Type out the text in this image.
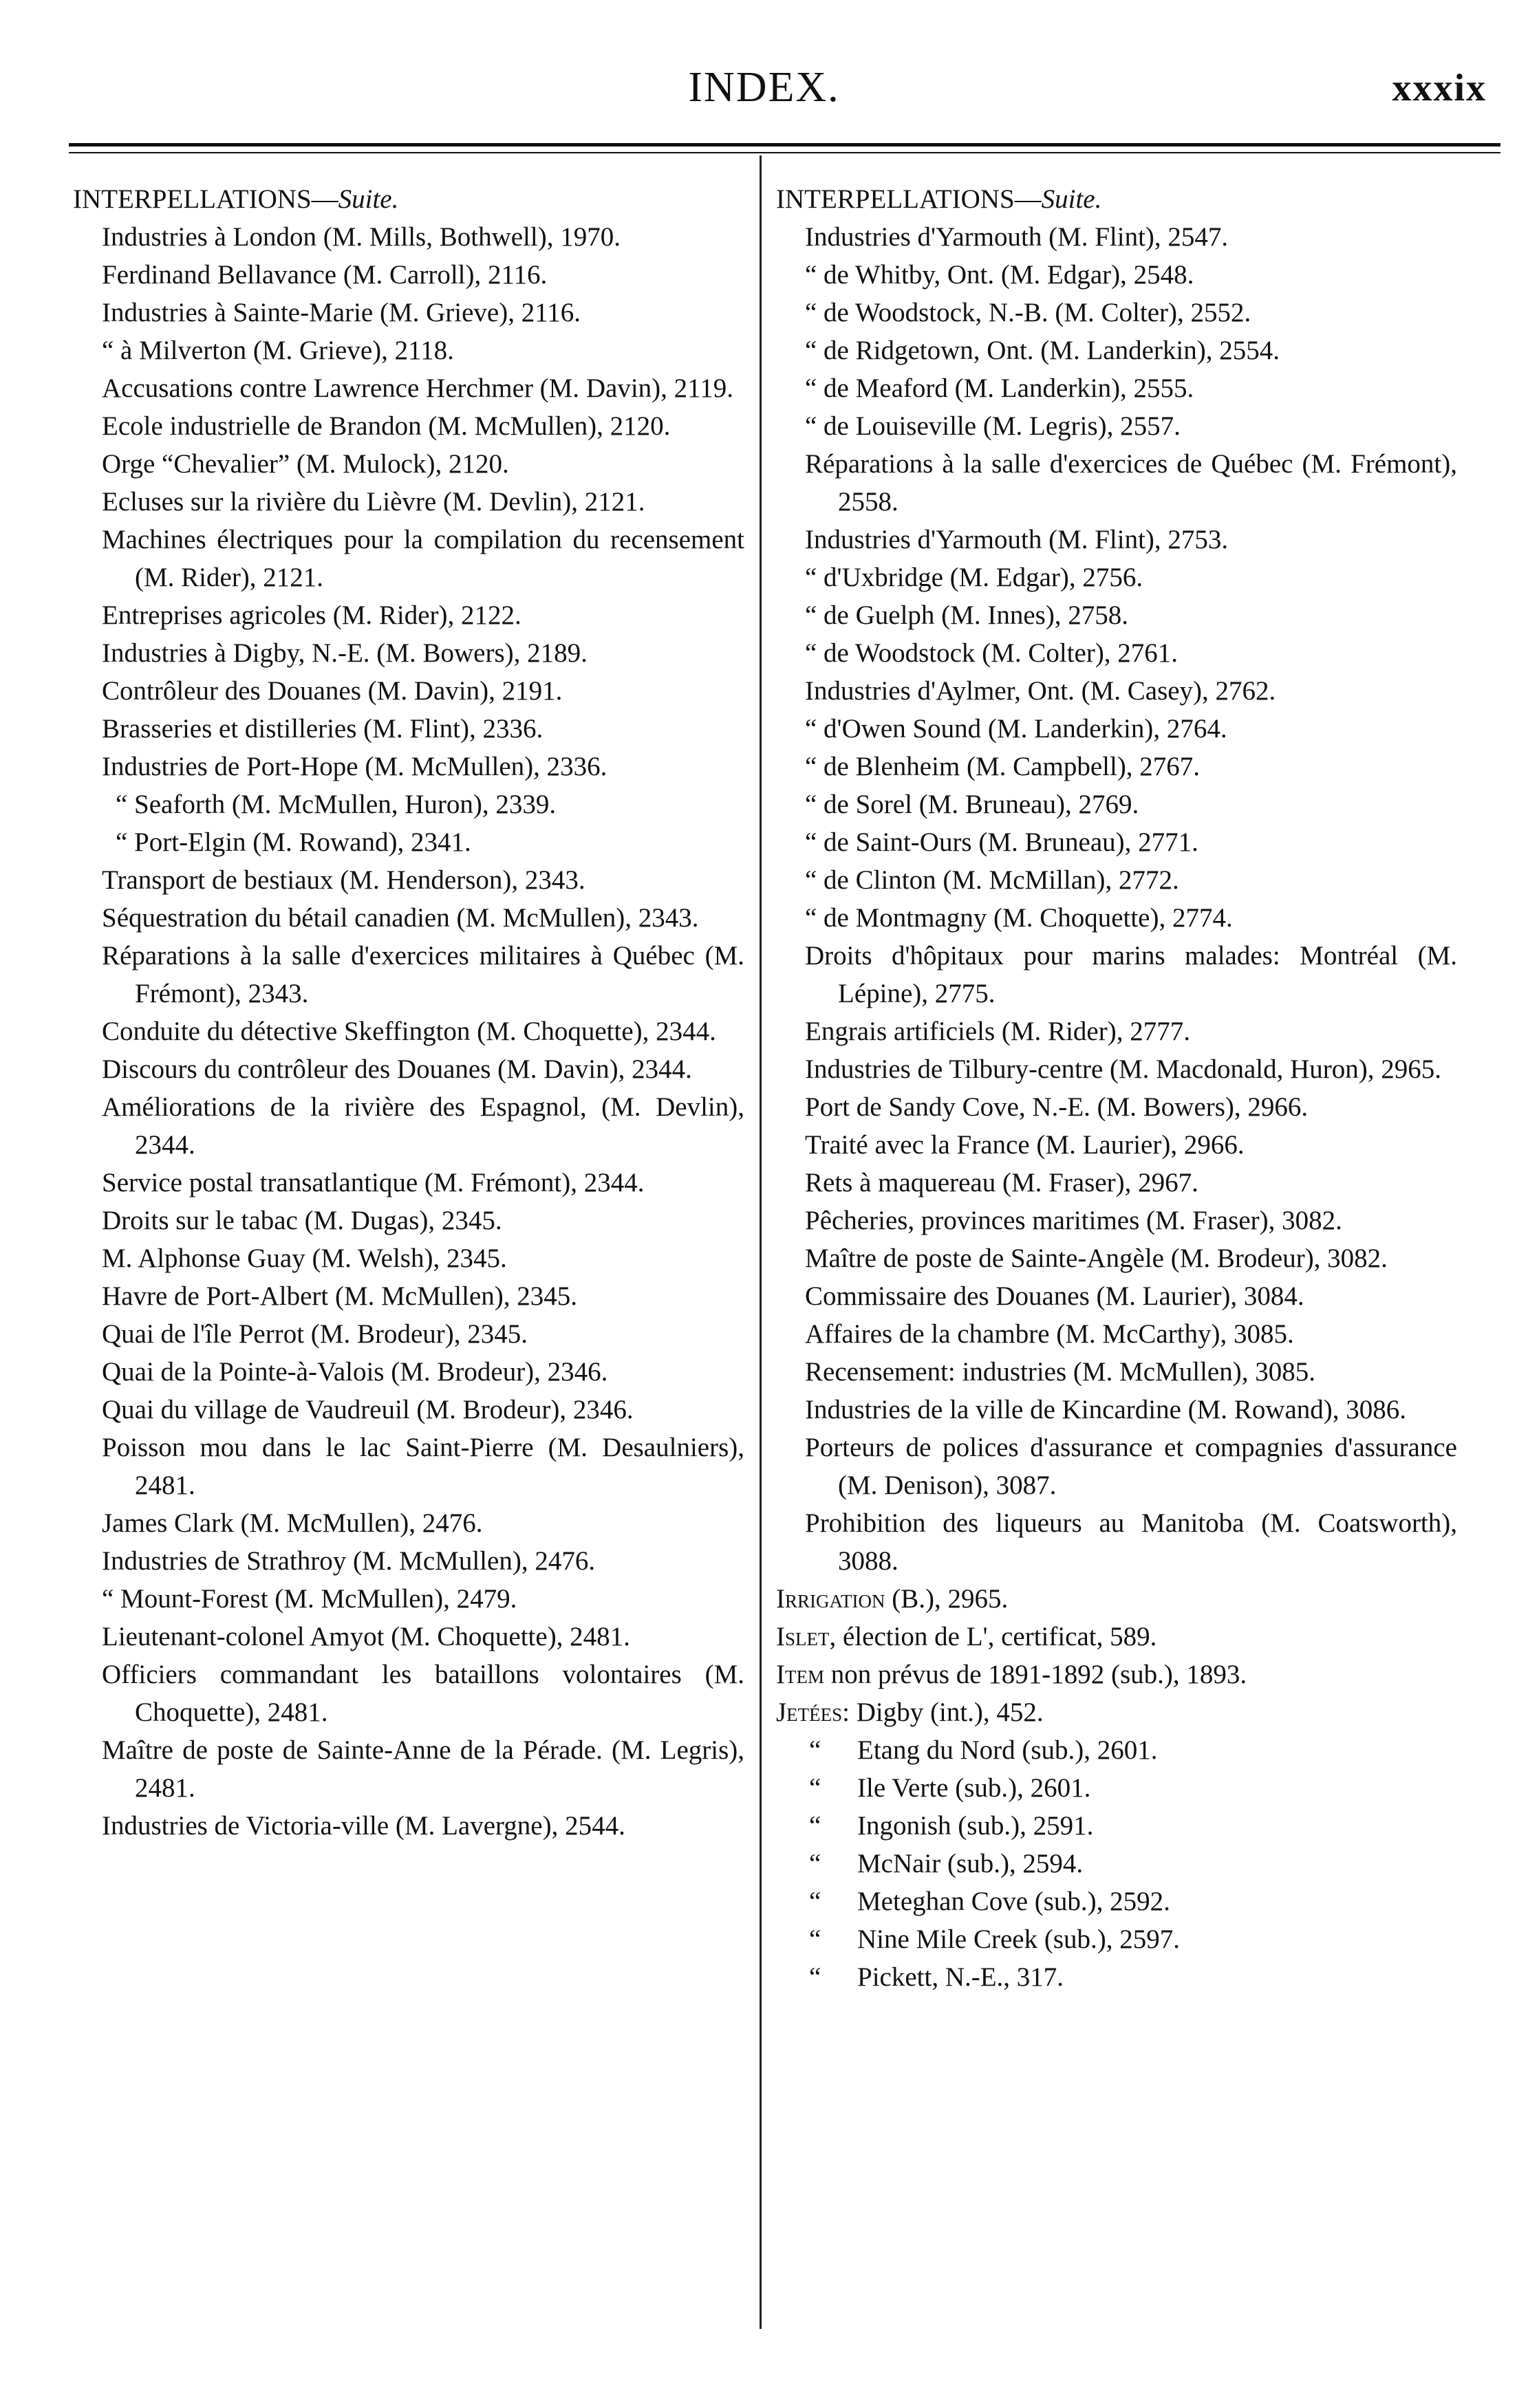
INDEX.	xxxix
INTERPELLATIONS—Suite.
Industries à London (M. Mills, Bothwell), 1970.
Ferdinand Bellavance (M. Carroll), 2116.
Industries à Sainte-Marie (M. Grieve), 2116.
“ à Milverton (M. Grieve), 2118.
Accusations contre Lawrence Herchmer (M. Davin), 2119.
Ecole industrielle de Brandon (M. McMullen), 2120.
Orge “Chevalier” (M. Mulock), 2120.
Ecluses sur la rivière du Lièvre (M. Devlin), 2121.
Machines électriques pour la compilation du recensement (M. Rider), 2121.
Entreprises agricoles (M. Rider), 2122.
Industries à Digby, N.-E. (M. Bowers), 2189.
Contrôleur des Douanes (M. Davin), 2191.
Brasseries et distilleries (M. Flint), 2336.
Industries de Port-Hope (M. McMullen), 2336.
“ Seaforth (M. McMullen, Huron), 2339.
“ Port-Elgin (M. Rowand), 2341.
Transport de bestiaux (M. Henderson), 2343.
Séquestration du bétail canadien (M. McMullen), 2343.
Réparations à la salle d'exercices militaires à Québec (M. Frémont), 2343.
Conduite du détective Skeffington (M. Choquette), 2344.
Discours du contrôleur des Douanes (M. Davin), 2344.
Améliorations de la rivière des Espagnol, (M. Devlin), 2344.
Service postal transatlantique (M. Frémont), 2344.
Droits sur le tabac (M. Dugas), 2345.
M. Alphonse Guay (M. Welsh), 2345.
Havre de Port-Albert (M. McMullen), 2345.
Quai de l'île Perrot (M. Brodeur), 2345.
Quai de la Pointe-à-Valois (M. Brodeur), 2346.
Quai du village de Vaudreuil (M. Brodeur), 2346.
Poisson mou dans le lac Saint-Pierre (M. Desaulniers), 2481.
James Clark (M. McMullen), 2476.
Industries de Strathroy (M. McMullen), 2476.
“ Mount-Forest (M. McMullen), 2479.
Lieutenant-colonel Amyot (M. Choquette), 2481.
Officiers commandant les bataillons volontaires (M. Choquette), 2481.
Maître de poste de Sainte-Anne de la Pérade. (M. Legris), 2481.
Industries de Victoria-ville (M. Lavergne), 2544.
INTERPELLATIONS—Suite.
Industries d'Yarmouth (M. Flint), 2547.
“ de Whitby, Ont. (M. Edgar), 2548.
“ de Woodstock, N.-B. (M. Colter), 2552.
“ de Ridgetown, Ont. (M. Landerkin), 2554.
“ de Meaford (M. Landerkin), 2555.
“ de Louiseville (M. Legris), 2557.
Réparations à la salle d'exercices de Québec (M. Frémont), 2558.
Industries d'Yarmouth (M. Flint), 2753.
“ d'Uxbridge (M. Edgar), 2756.
“ de Guelph (M. Innes), 2758.
“ de Woodstock (M. Colter), 2761.
Industries d'Aylmer, Ont. (M. Casey), 2762.
“ d'Owen Sound (M. Landerkin), 2764.
“ de Blenheim (M. Campbell), 2767.
“ de Sorel (M. Bruneau), 2769.
“ de Saint-Ours (M. Bruneau), 2771.
“ de Clinton (M. McMillan), 2772.
“ de Montmagny (M. Choquette), 2774.
Droits d'hôpitaux pour marins malades: Montréal (M. Lépine), 2775.
Engrais artificiels (M. Rider), 2777.
Industries de Tilbury-centre (M. Macdonald, Huron), 2965.
Port de Sandy Cove, N.-E. (M. Bowers), 2966.
Traité avec la France (M. Laurier), 2966.
Rets à maquereau (M. Fraser), 2967.
Pêcheries, provinces maritimes (M. Fraser), 3082.
Maître de poste de Sainte-Angèle (M. Brodeur), 3082.
Commissaire des Douanes (M. Laurier), 3084.
Affaires de la chambre (M. McCarthy), 3085.
Recensement: industries (M. McMullen), 3085.
Industries de la ville de Kincardine (M. Rowand), 3086.
Porteurs de polices d'assurance et compagnies d'assurance (M. Denison), 3087.
Prohibition des liqueurs au Manitoba (M. Coatsworth), 3088.
Irrigation (B.), 2965.
Islet, élection de L', certificat, 589.
Item non prévus de 1891-1892 (sub.), 1893.
Jetées: Digby (int.), 452.
“ Etang du Nord (sub.), 2601.
“ Ile Verte (sub.), 2601.
“ Ingonish (sub.), 2591.
“ McNair (sub.), 2594.
“ Meteghan Cove (sub.), 2592.
“ Nine Mile Creek (sub.), 2597.
“ Pickett, N.-E., 317.
